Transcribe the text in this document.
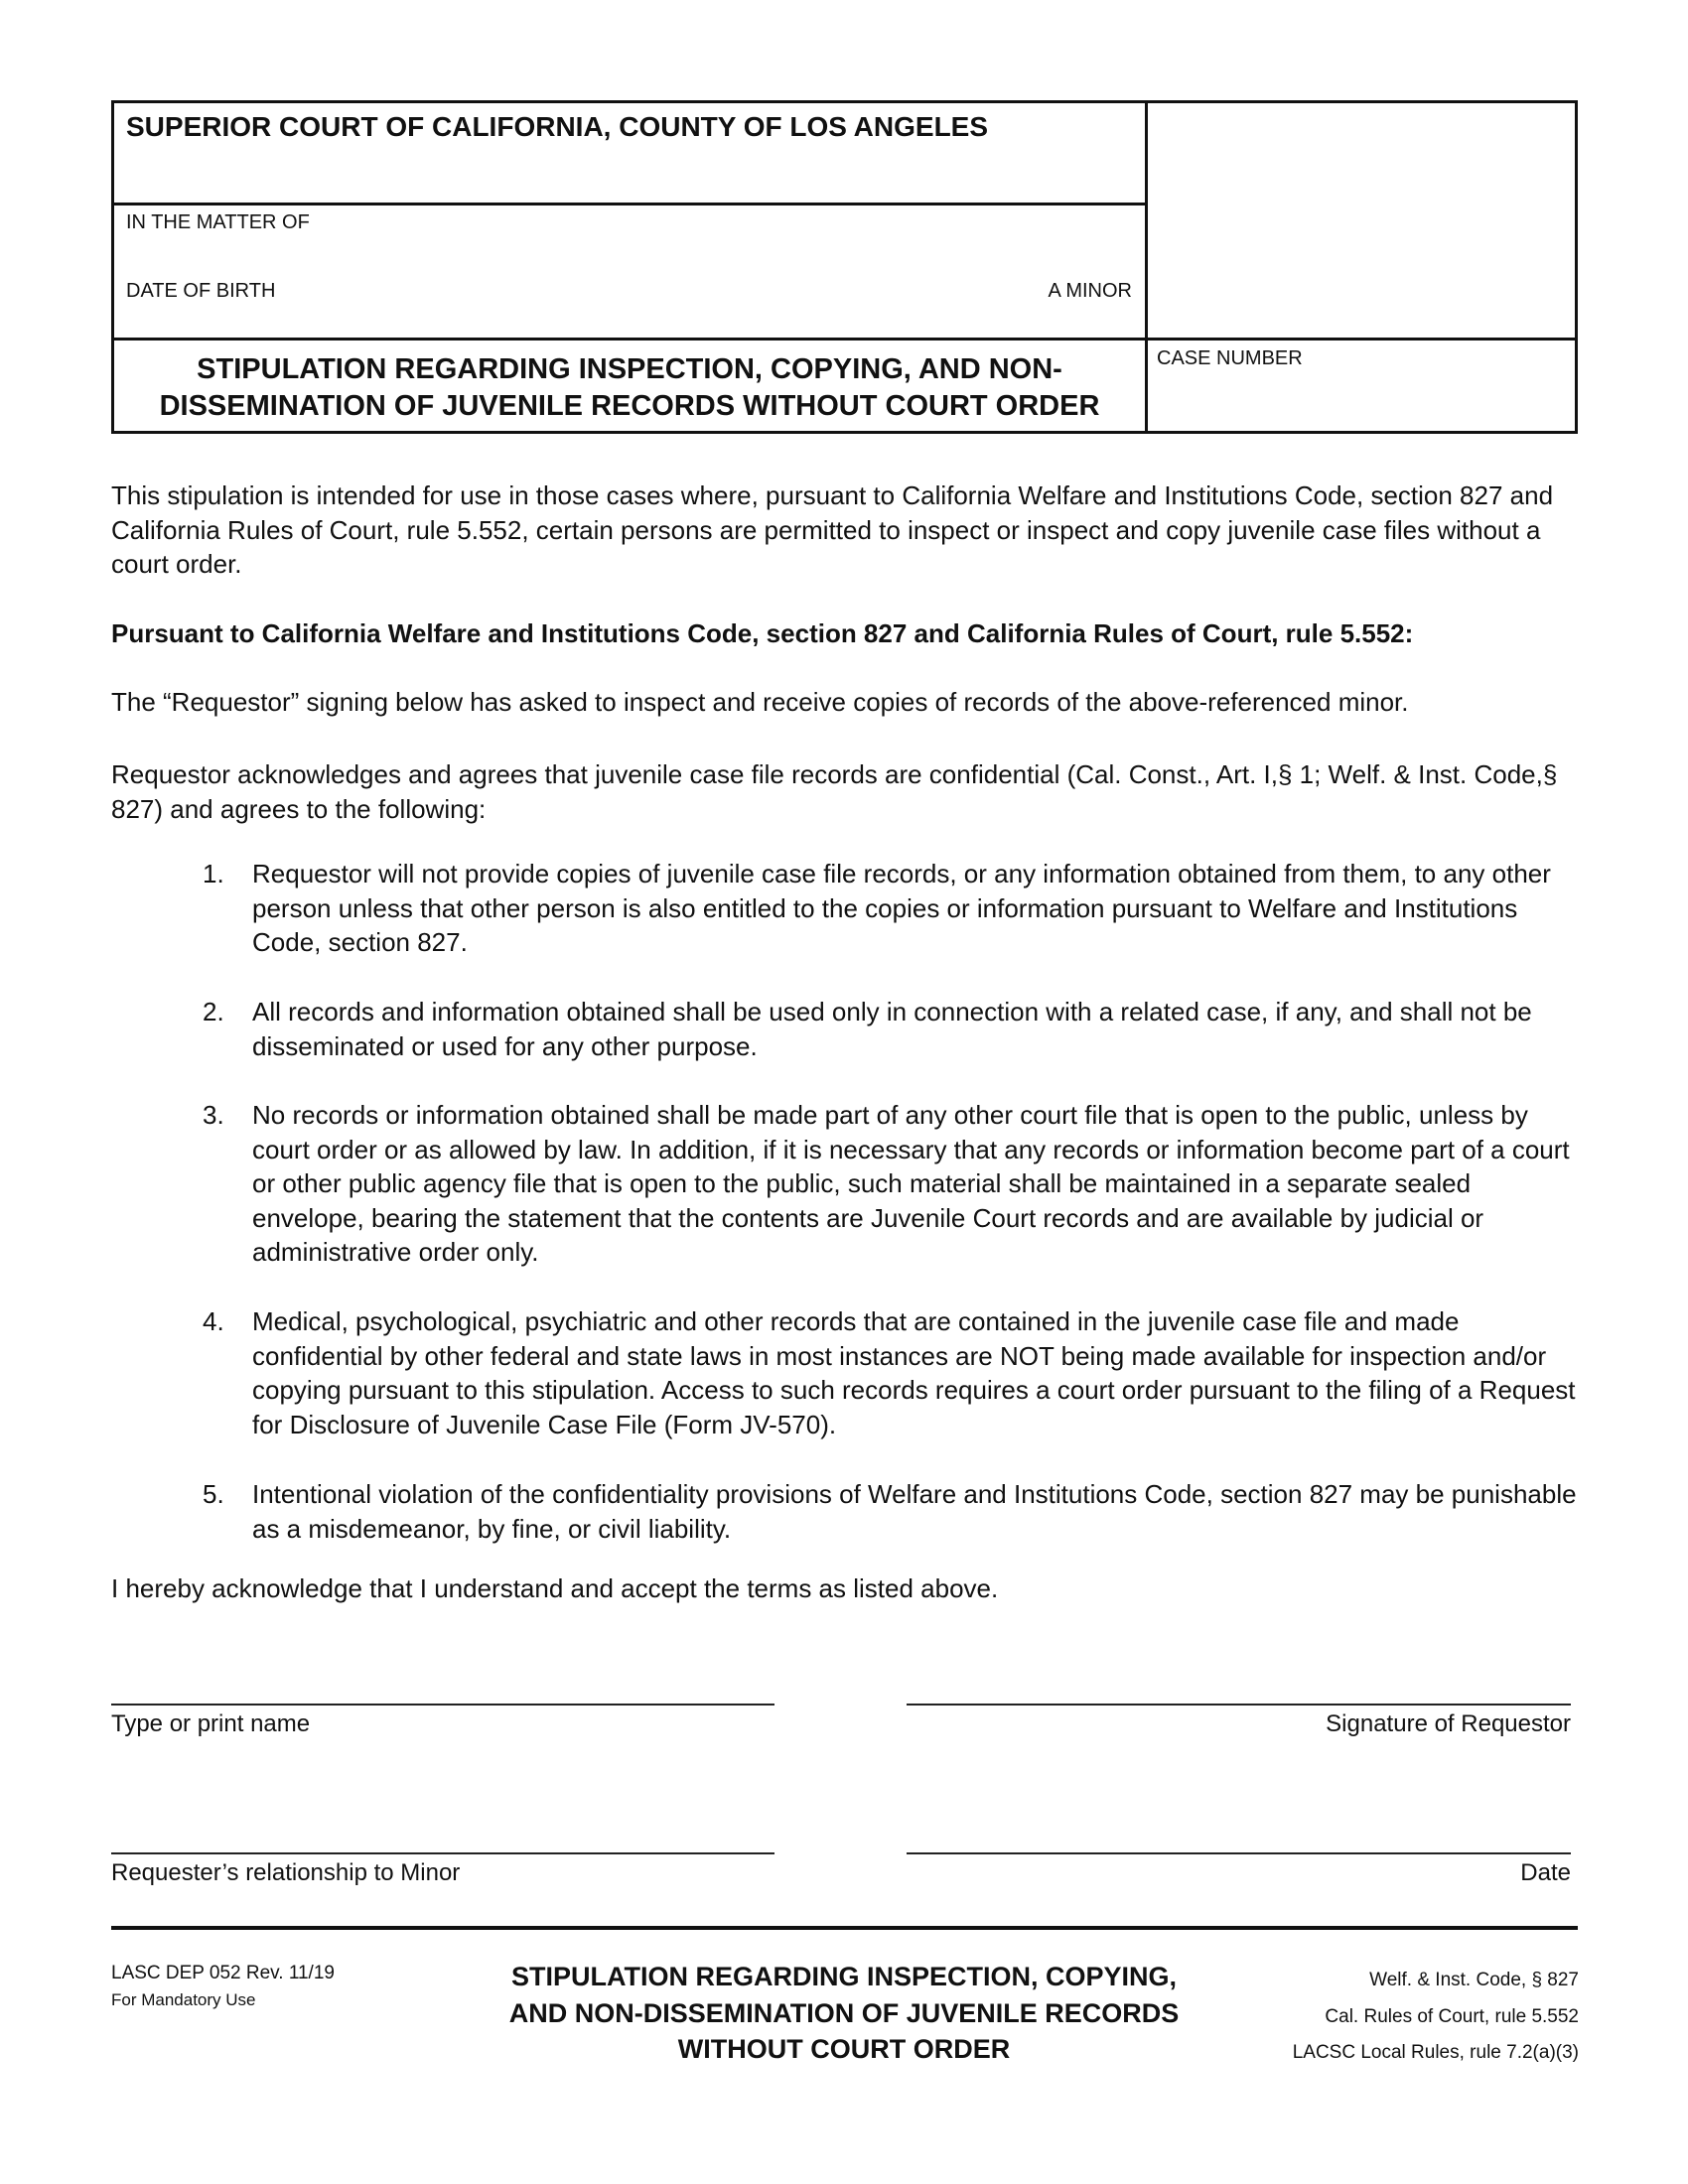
SUPERIOR COURT OF CALIFORNIA, COUNTY OF LOS ANGELES
IN THE MATTER OF
DATE OF BIRTH	A MINOR
STIPULATION REGARDING INSPECTION, COPYING, AND NON-
DISSEMINATION OF JUVENILE RECORDS WITHOUT COURT ORDER
CASE NUMBER
This stipulation is intended for use in those cases where, pursuant to California Welfare and Institutions Code, section 827 and California Rules of Court, rule 5.552, certain persons are permitted to inspect or inspect and copy juvenile case files without a court order.
Pursuant to California Welfare and Institutions Code, section 827 and California Rules of Court, rule 5.552:
The “Requestor” signing below has asked to inspect and receive copies of records of the above-referenced minor.
Requestor acknowledges and agrees that juvenile case file records are confidential (Cal. Const., Art. I,§ 1; Welf. & Inst. Code,§ 827) and agrees to the following:
1. Requestor will not provide copies of juvenile case file records, or any information obtained from them, to any other person unless that other person is also entitled to the copies or information pursuant to Welfare and Institutions Code, section 827.
2. All records and information obtained shall be used only in connection with a related case, if any, and shall not be disseminated or used for any other purpose.
3. No records or information obtained shall be made part of any other court file that is open to the public, unless by court order or as allowed by law. In addition, if it is necessary that any records or information become part of a court or other public agency file that is open to the public, such material shall be maintained in a separate sealed envelope, bearing the statement that the contents are Juvenile Court records and are available by judicial or administrative order only.
4. Medical, psychological, psychiatric and other records that are contained in the juvenile case file and made confidential by other federal and state laws in most instances are NOT being made available for inspection and/or copying pursuant to this stipulation. Access to such records requires a court order pursuant to the filing of a Request for Disclosure of Juvenile Case File (Form JV-570).
5. Intentional violation of the confidentiality provisions of Welfare and Institutions Code, section 827 may be punishable as a misdemeanor, by fine, or civil liability.
I hereby acknowledge that I understand and accept the terms as listed above.
Type or print name	Signature of Requestor
Requester’s relationship to Minor	Date
LASC DEP 052 Rev. 11/19
For Mandatory Use
STIPULATION REGARDING INSPECTION, COPYING,
AND NON-DISSEMINATION OF JUVENILE RECORDS
WITHOUT COURT ORDER
Welf. & Inst. Code, § 827
Cal. Rules of Court, rule 5.552
LACSC Local Rules, rule 7.2(a)(3)
